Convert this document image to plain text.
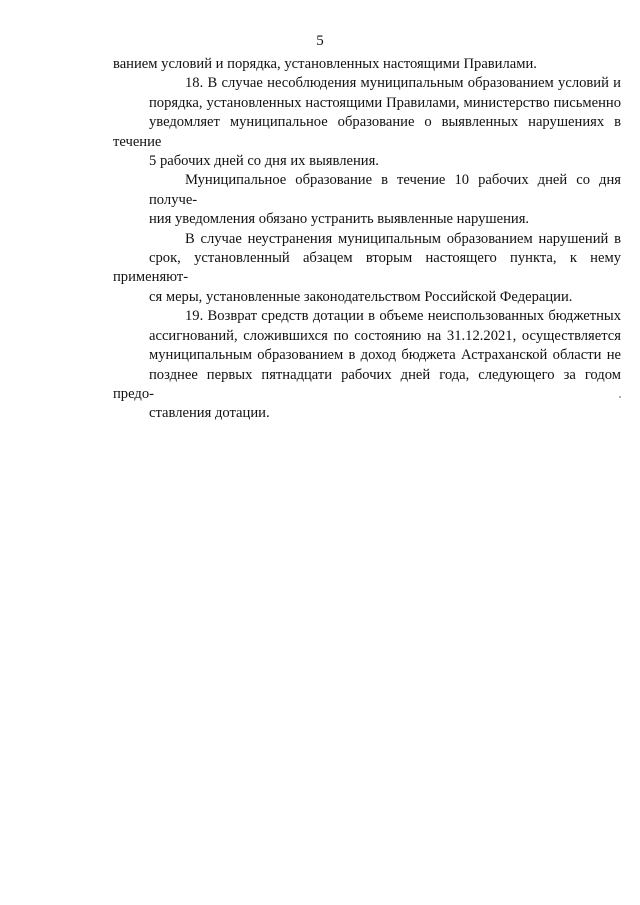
5
ванием условий и порядка, установленных настоящими Правилами.
18. В случае несоблюдения муниципальным образованием условий и
порядка, установленных настоящими Правилами, министерство письменно
уведомляет муниципальное образование о выявленных нарушениях в течение
5 рабочих дней со дня их выявления.
Муниципальное образование в течение 10 рабочих дней со дня получе-
ния уведомления обязано устранить выявленные нарушения.
В случае неустранения муниципальным образованием нарушений в
срок, установленный абзацем вторым настоящего пункта, к нему применяют-
ся меры, установленные законодательством Российской Федерации.
19. Возврат средств дотации в объеме неиспользованных бюджетных
ассигнований, сложившихся по состоянию на 31.12.2021, осуществляется
муниципальным образованием в доход бюджета Астраханской области не
позднее первых пятнадцати рабочих дней года, следующего за годом предо-
ставления дотации.
